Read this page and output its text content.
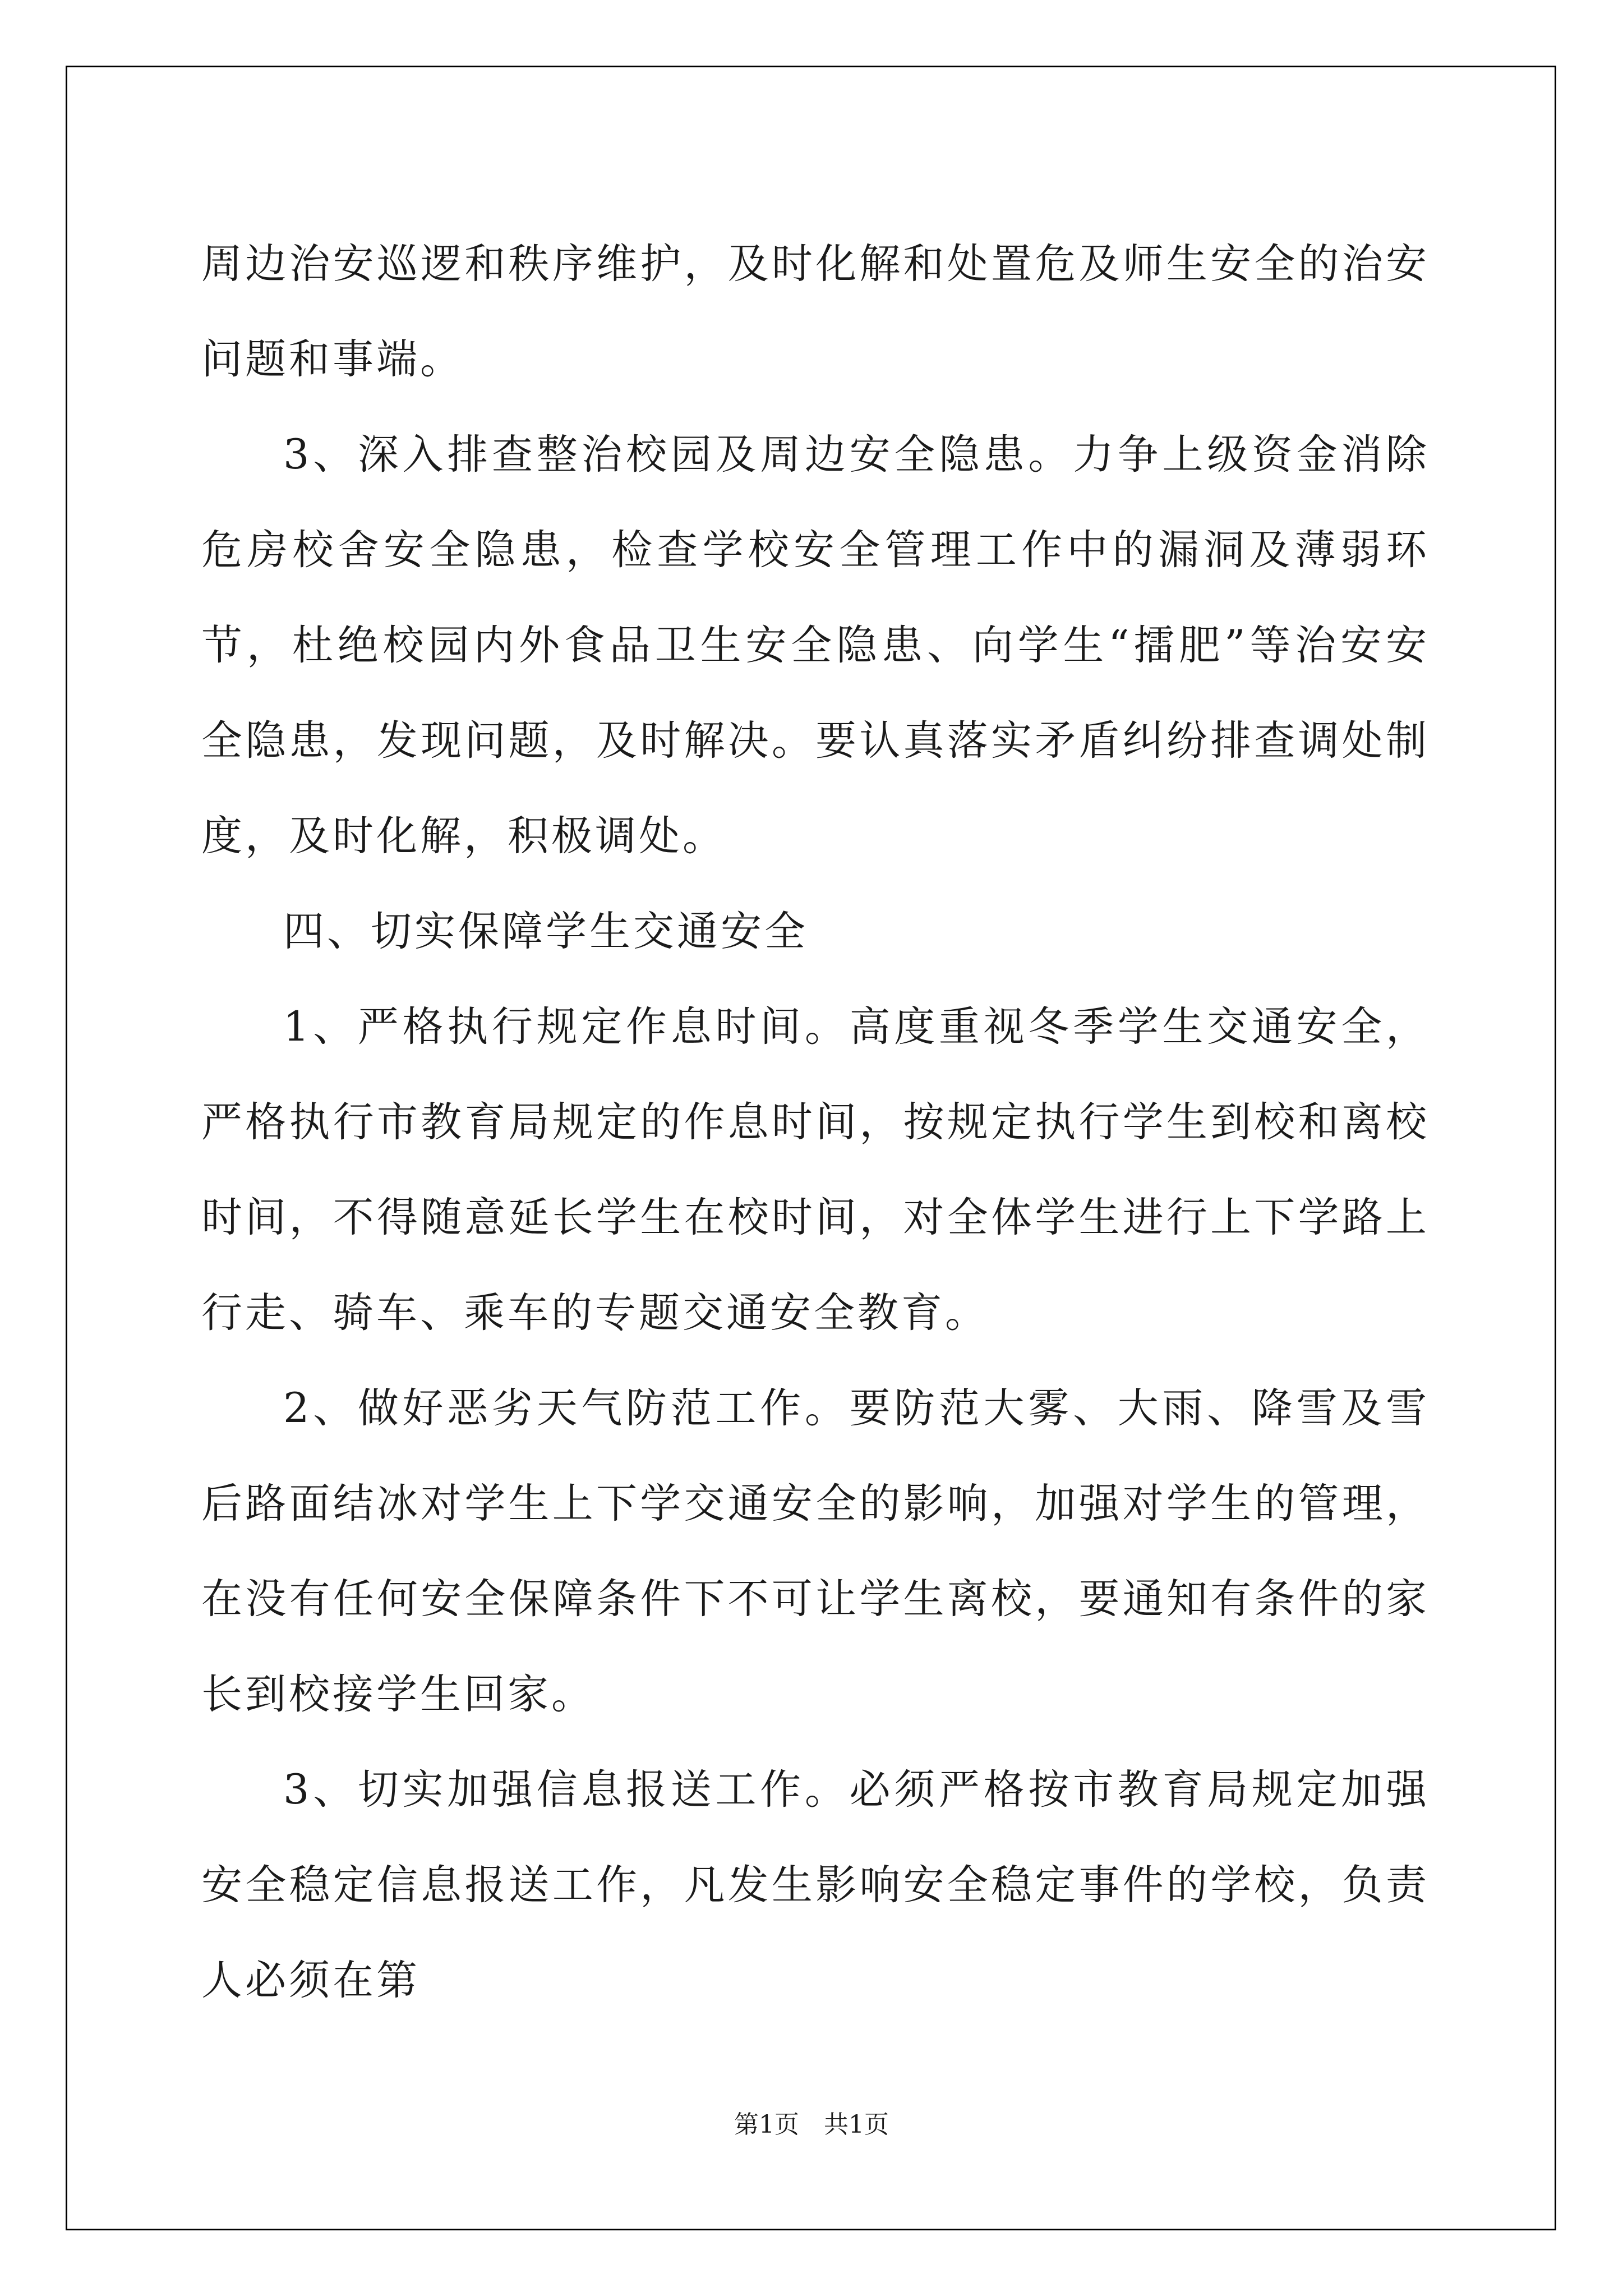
周边治安巡逻和秩序维护，及时化解和处置危及师生安全的治安问题和事端。

3、深入排查整治校园及周边安全隐患。力争上级资金消除危房校舍安全隐患，检查学校安全管理工作中的漏洞及薄弱环节，杜绝校园内外食品卫生安全隐患、向学生“擂肥”等治安安全隐患，发现问题，及时解决。要认真落实矛盾纠纷排查调处制度，及时化解，积极调处。

四、切实保障学生交通安全

1、严格执行规定作息时间。高度重视冬季学生交通安全，严格执行市教育局规定的作息时间，按规定执行学生到校和离校时间，不得随意延长学生在校时间，对全体学生进行上下学路上行走、骑车、乘车的专题交通安全教育。

2、做好恶劣天气防范工作。要防范大雾、大雨、降雪及雪后路面结冰对学生上下学交通安全的影响，加强对学生的管理，在没有任何安全保障条件下不可让学生离校，要通知有条件的家长到校接学生回家。

3、切实加强信息报送工作。必须严格按市教育局规定加强安全稳定信息报送工作，凡发生影响安全稳定事件的学校，负责人必须在第

第1页　共1页
